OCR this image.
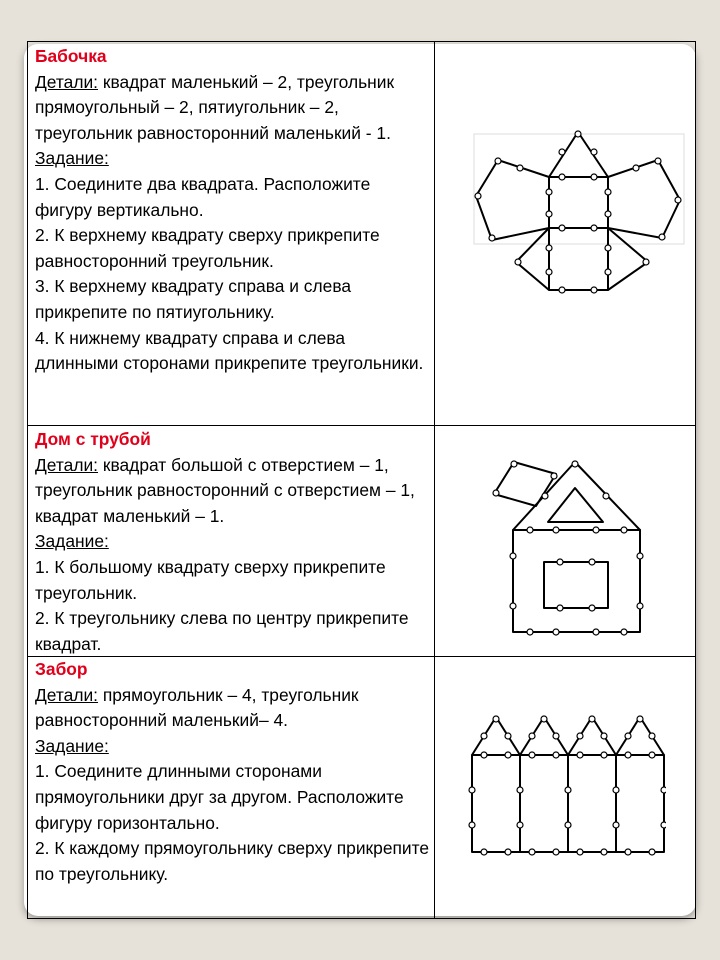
Бабочка

Детали: квадрат маленький – 2, треугольник прямоугольный – 2, пятиугольник – 2, треугольник равносторонний маленький - 1.

Задание:

1. Соедините два квадрата. Расположите фигуру вертикально.

2. К верхнему квадрату сверху прикрепите равносторонний треугольник.

3. К верхнему квадрату справа и слева прикрепите по пятиугольнику.

4. К нижнему квадрату справа и слева длинными сторонами прикрепите треугольники.

Дом с трубой

Детали: квадрат большой с отверстием – 1, треугольник равносторонний с отверстием – 1, квадрат маленький – 1.

Задание:

1. К большому квадрату сверху прикрепите треугольник.

2. К треугольнику слева по центру прикрепите квадрат.

Забор

Детали: прямоугольник – 4, треугольник равносторонний маленький– 4.

Задание:

1. Соедините длинными сторонами прямоугольники друг за другом. Расположите фигуру горизонтально.

2. К каждому прямоугольнику сверху прикрепите по треугольнику.
